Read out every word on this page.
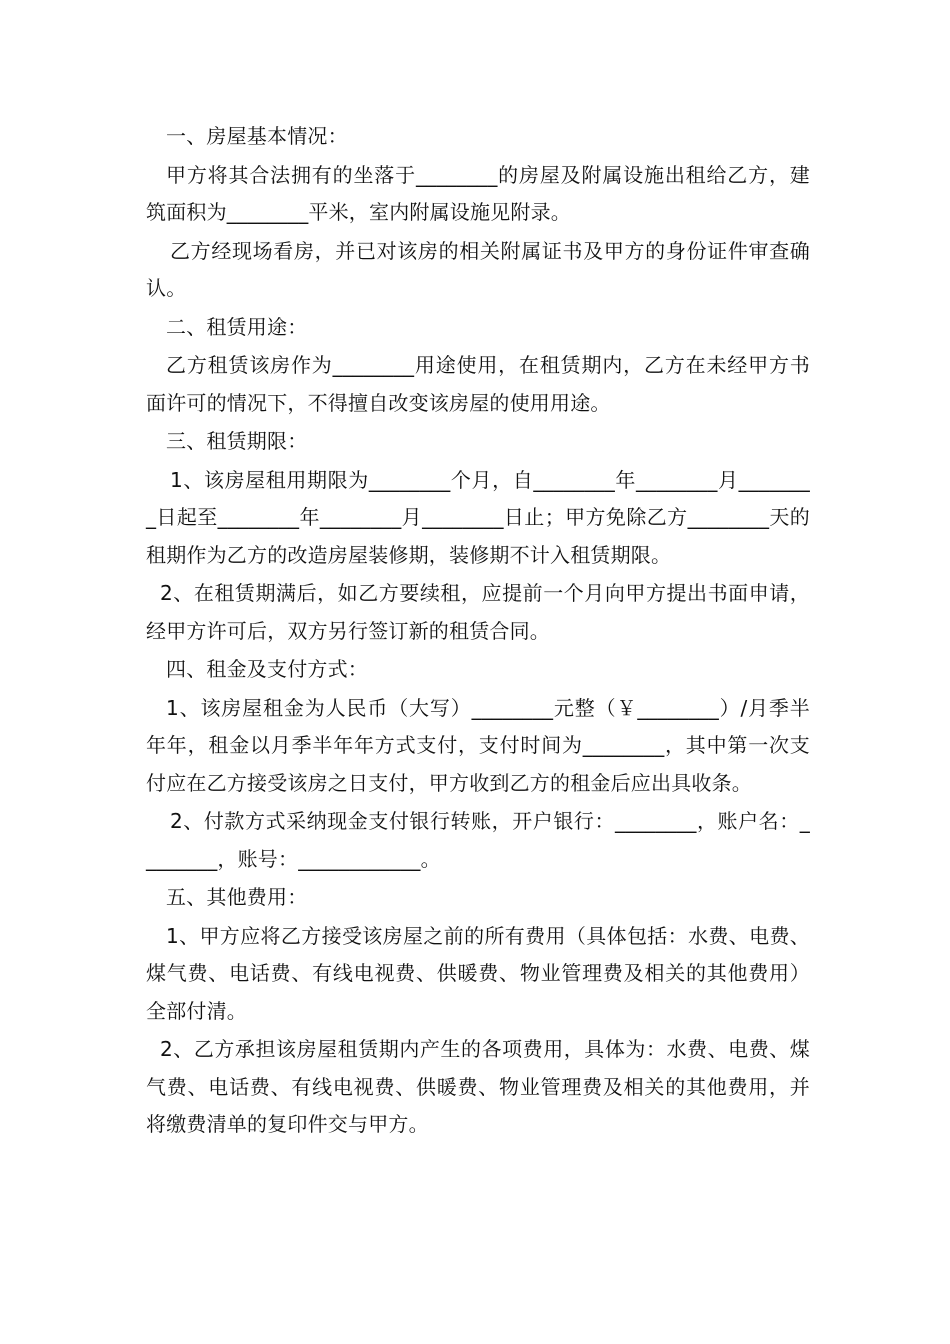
一、房屋基本情况：

甲方将其合法拥有的坐落于________的房屋及附属设施出租给乙方，建筑面积为________平米，室内附属设施见附录。

乙方经现场看房，并已对该房的相关附属证书及甲方的身份证件审查确认。

二、租赁用途：

乙方租赁该房作为________用途使用，在租赁期内，乙方在未经甲方书面许可的情况下，不得擅自改变该房屋的使用用途。

三、租赁期限：

1、该房屋租用期限为________个月，自________年________月________日起至________年________月________日止；甲方免除乙方________天的租期作为乙方的改造房屋装修期，装修期不计入租赁期限。

2、在租赁期满后，如乙方要续租，应提前一个月向甲方提出书面申请，经甲方许可后，双方另行签订新的租赁合同。

四、租金及支付方式：

1、该房屋租金为人民币（大写）________元整（￥________）/月季半年年，租金以月季半年年方式支付，支付时间为________，其中第一次支付应在乙方接受该房之日支付，甲方收到乙方的租金后应出具收条。

2、付款方式采纳现金支付银行转账，开户银行：________，账户名：________，账号：____________。

五、其他费用：

1、甲方应将乙方接受该房屋之前的所有费用（具体包括：水费、电费、煤气费、电话费、有线电视费、供暖费、物业管理费及相关的其他费用）全部付清。

2、乙方承担该房屋租赁期内产生的各项费用，具体为：水费、电费、煤气费、电话费、有线电视费、供暖费、物业管理费及相关的其他费用，并将缴费清单的复印件交与甲方。
